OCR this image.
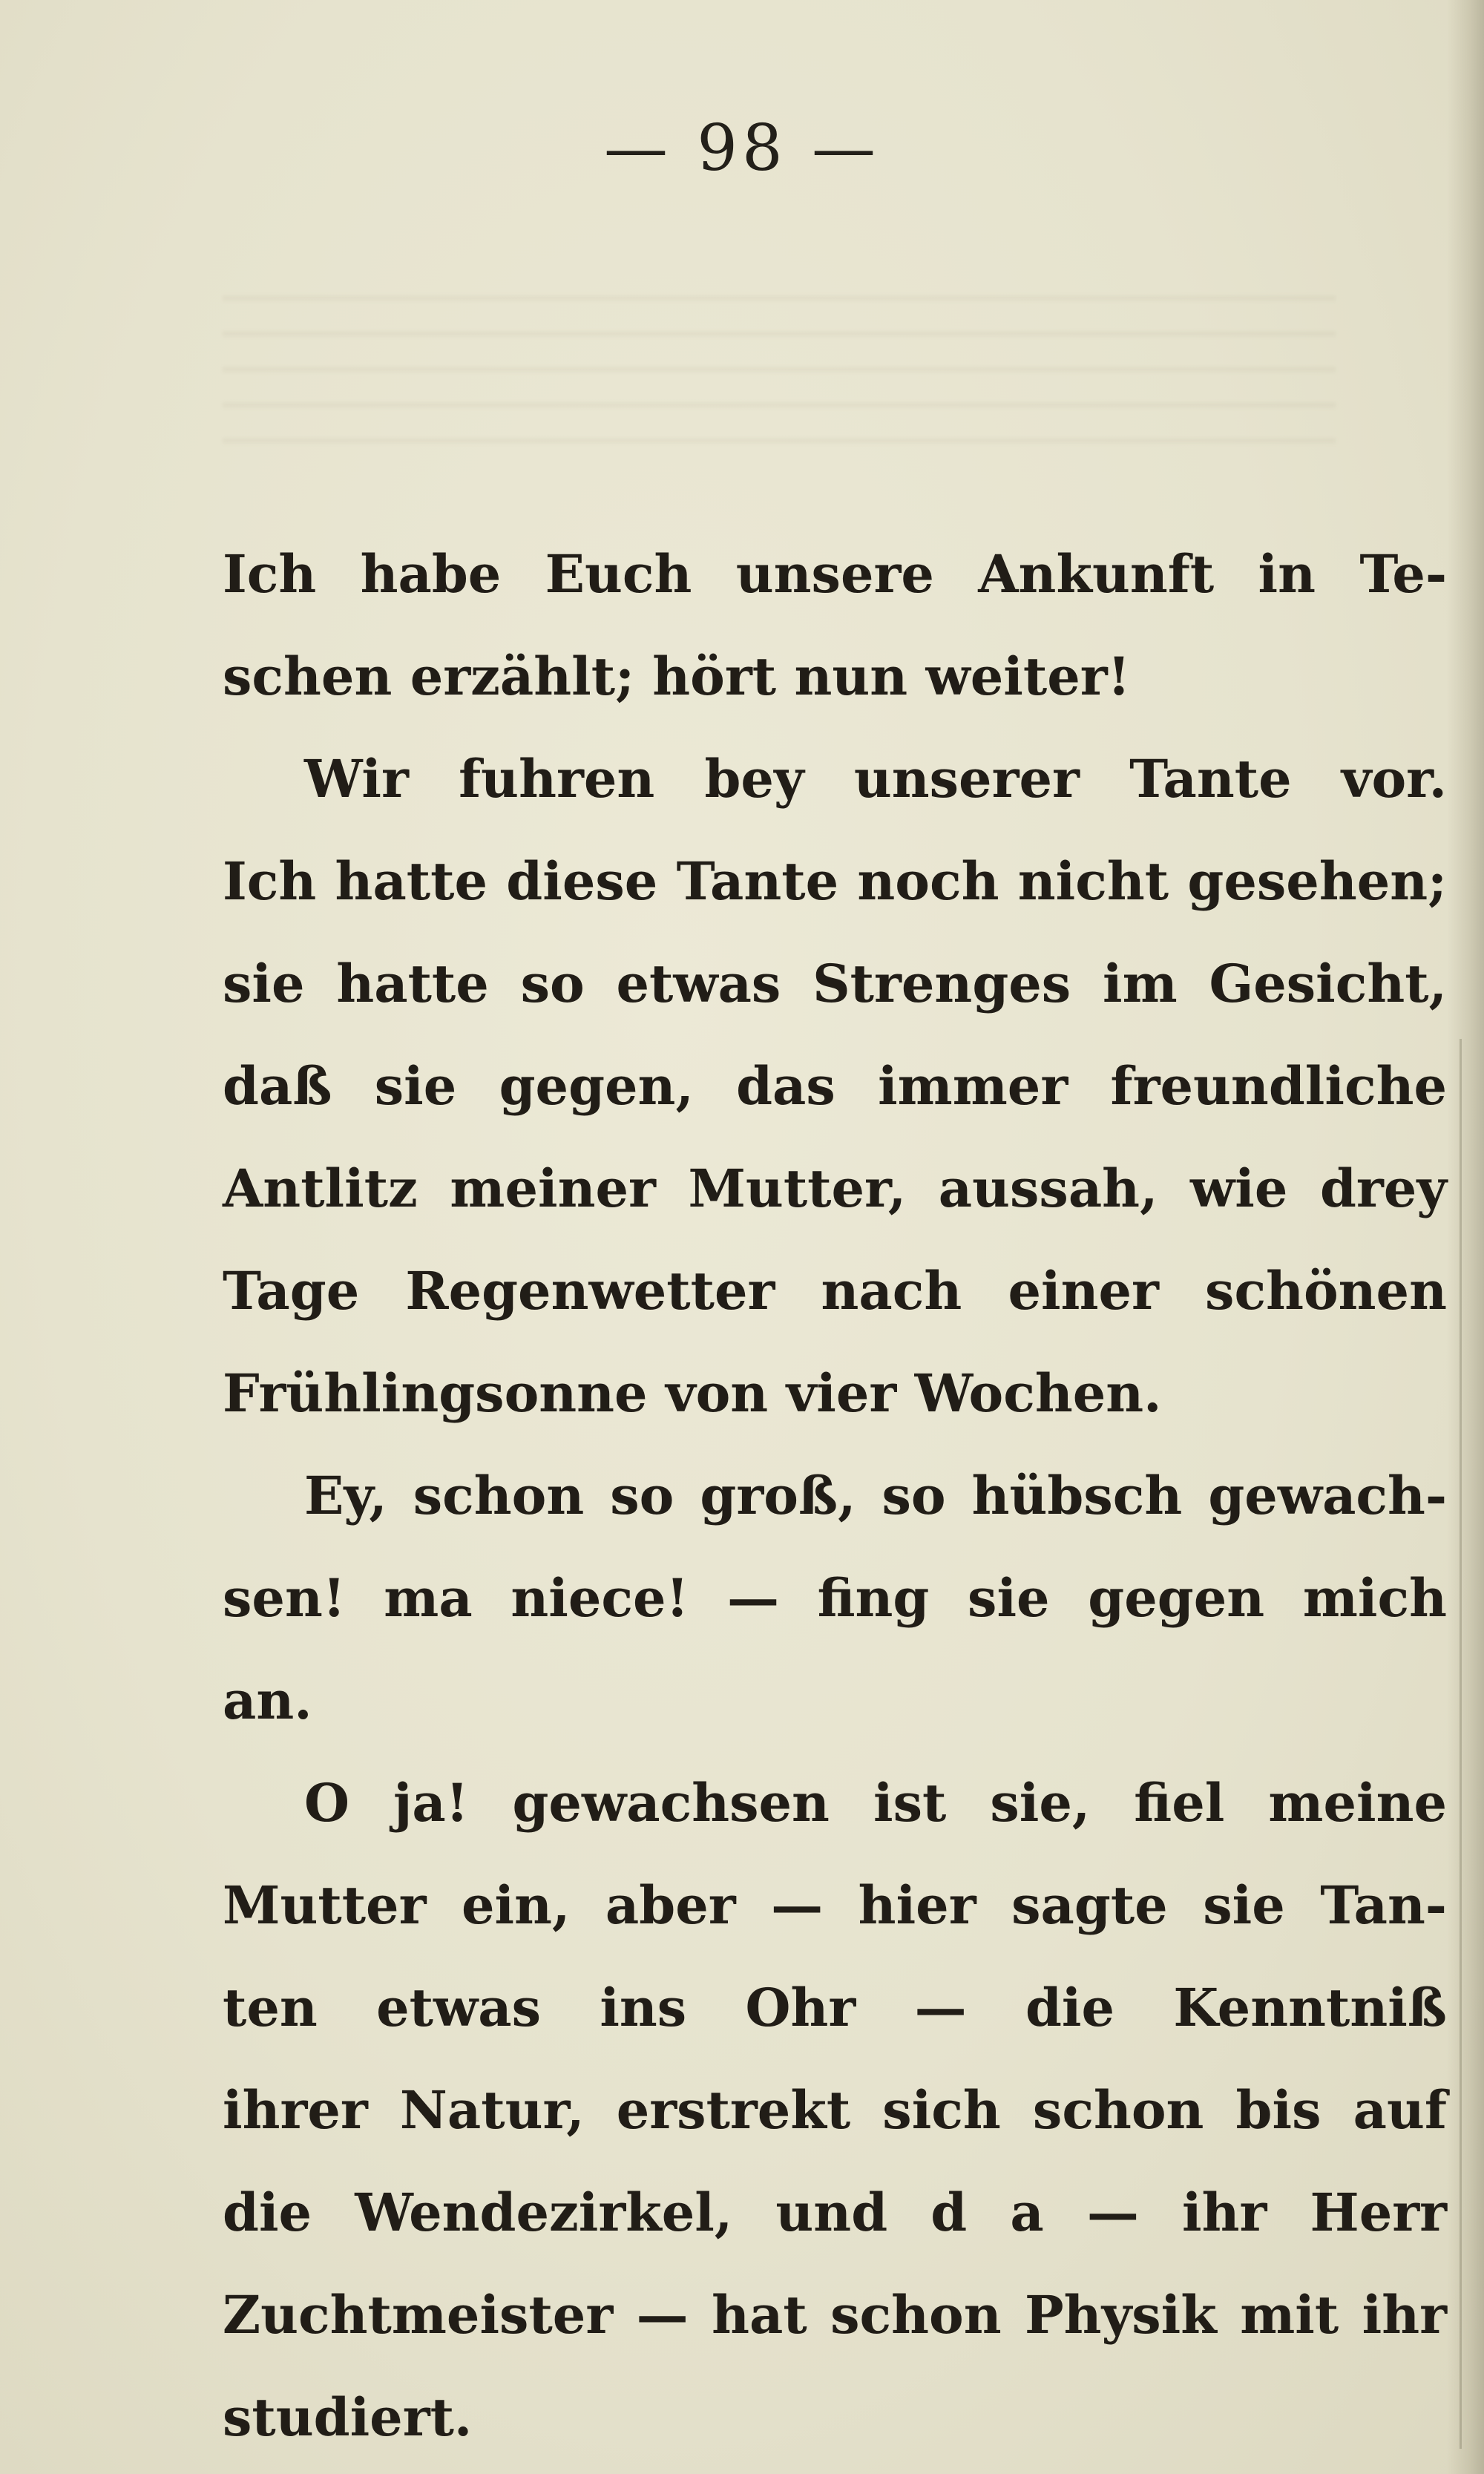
— 98 —
Ich habe Euch unsere Ankunft in Te-
schen erzählt; hört nun weiter!
Wir fuhren bey unserer Tante vor.
Ich hatte diese Tante noch nicht gesehen;
sie hatte so etwas Strenges im Gesicht,
daß sie gegen, das immer freundliche
Antlitz meiner Mutter, aussah, wie drey
Tage Regenwetter nach einer schönen
Frühlingsonne von vier Wochen.
Ey, schon so groß, so hübsch gewach-
sen! ma niece! — fing sie gegen mich
an.
O ja! gewachsen ist sie, fiel meine
Mutter ein, aber — hier sagte sie Tan-
ten etwas ins Ohr — die Kenntniß
ihrer Natur, erstrekt sich schon bis auf
die Wendezirkel, und d a — ihr Herr
Zuchtmeister — hat schon Physik mit ihr
studiert.
